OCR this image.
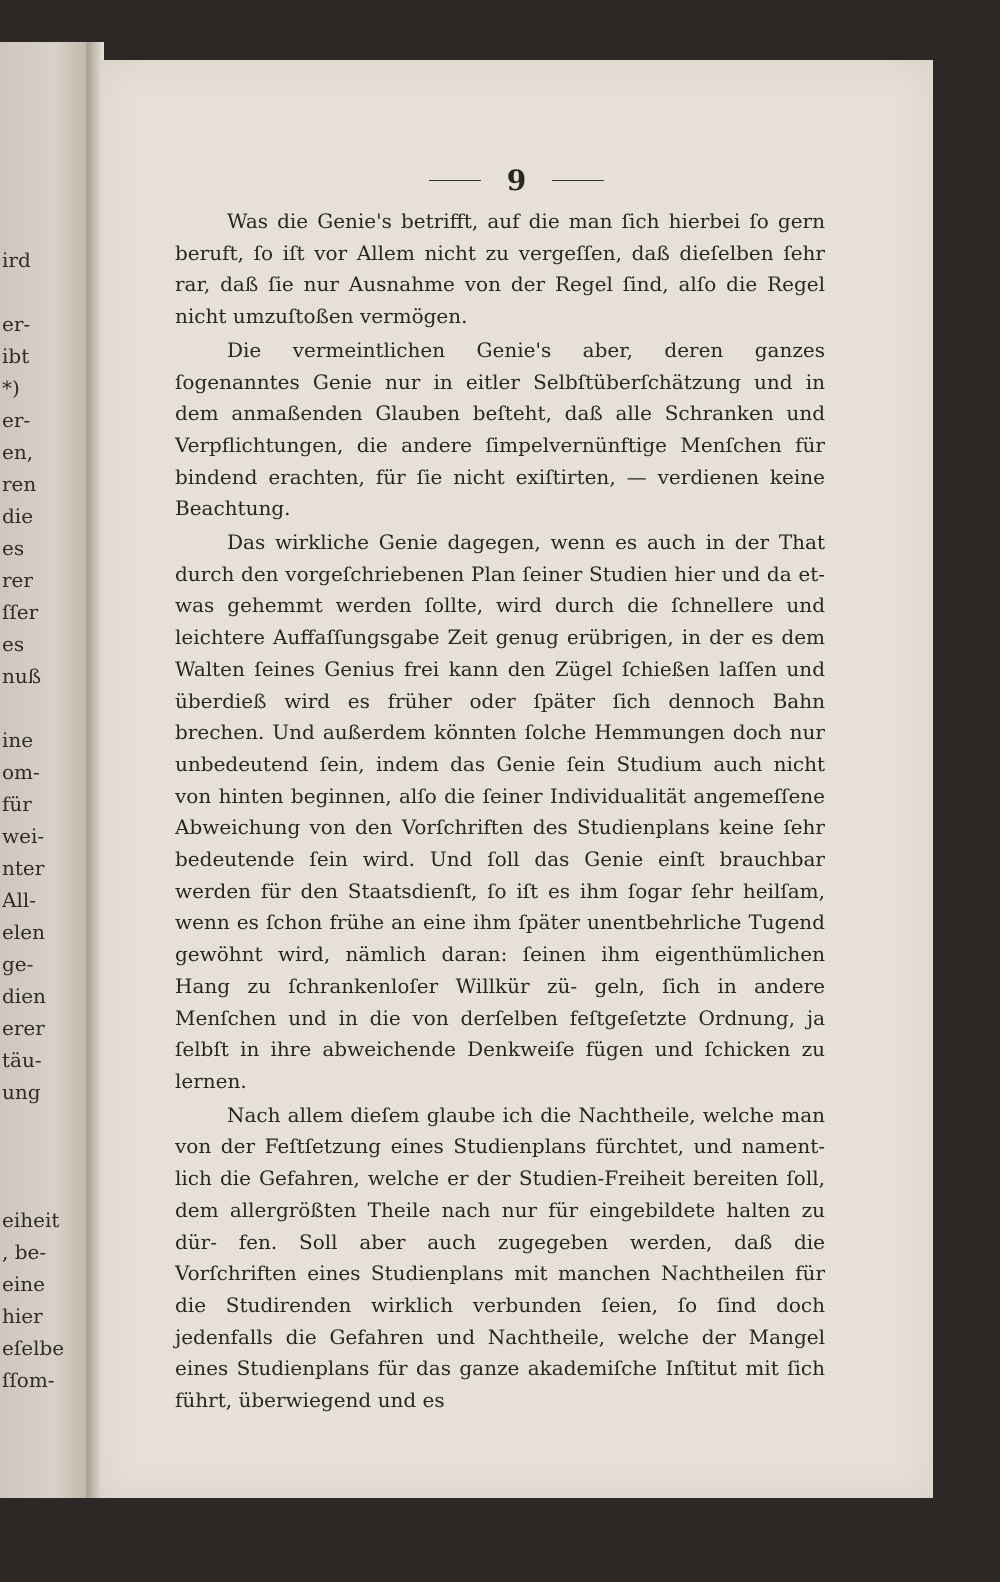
ird
er-
ibt
*)
er-
en,
ren
die
es
rer
ſſer
es
nuß
ine
om-
für
wei-
nter
All-
elen
ge-
dien
erer
täu-
ung
eiheit
, be-
eine
hier
eſelbe
ſſom-
9

Was die Genie's betrifft, auf die man ſich hierbei ſo gern beruft, ſo iſt vor Allem nicht zu vergeſſen, daß dieſelben ſehr rar, daß ſie nur Ausnahme von der Regel ſind, alſo die Regel nicht umzuſtoßen vermögen.

Die vermeintlichen Genie's aber, deren ganzes ſogenanntes Genie nur in eitler Selbſtüberſchätzung und in dem anmaßenden Glauben beſteht, daß alle Schranken und Verpflichtungen, die andere ſimpelvernünftige Menſchen für bindend erachten, für ſie nicht exiſtirten, — verdienen keine Beachtung.

Das wirkliche Genie dagegen, wenn es auch in der That durch den vorgeſchriebenen Plan ſeiner Studien hier und da et- was gehemmt werden ſollte, wird durch die ſchnellere und leichtere Auffaſſungsgabe Zeit genug erübrigen, in der es dem Walten ſeines Genius frei kann den Zügel ſchießen laſſen und überdieß wird es früher oder ſpäter ſich dennoch Bahn brechen. Und außerdem könnten ſolche Hemmungen doch nur unbedeutend ſein, indem das Genie ſein Studium auch nicht von hinten beginnen, alſo die ſeiner Individualität angemeſſene Abweichung von den Vorſchriften des Studienplans keine ſehr bedeutende ſein wird. Und ſoll das Genie einſt brauchbar werden für den Staatsdienſt, ſo iſt es ihm ſogar ſehr heilſam, wenn es ſchon frühe an eine ihm ſpäter unentbehrliche Tugend gewöhnt wird, nämlich daran: ſeinen ihm eigenthümlichen Hang zu ſchrankenloſer Willkür zü- geln, ſich in andere Menſchen und in die von derſelben feſtgeſetzte Ordnung, ja ſelbſt in ihre abweichende Denkweiſe fügen und ſchicken zu lernen.

Nach allem dieſem glaube ich die Nachtheile, welche man von der Feſtſetzung eines Studienplans fürchtet, und nament- lich die Gefahren, welche er der Studien-Freiheit bereiten ſoll, dem allergrößten Theile nach nur für eingebildete halten zu dür- fen. Soll aber auch zugegeben werden, daß die Vorſchriften eines Studienplans mit manchen Nachtheilen für die Studirenden wirklich verbunden ſeien, ſo ſind doch jedenfalls die Gefahren und Nachtheile, welche der Mangel eines Studienplans für das ganze akademiſche Inſtitut mit ſich führt, überwiegend und es
